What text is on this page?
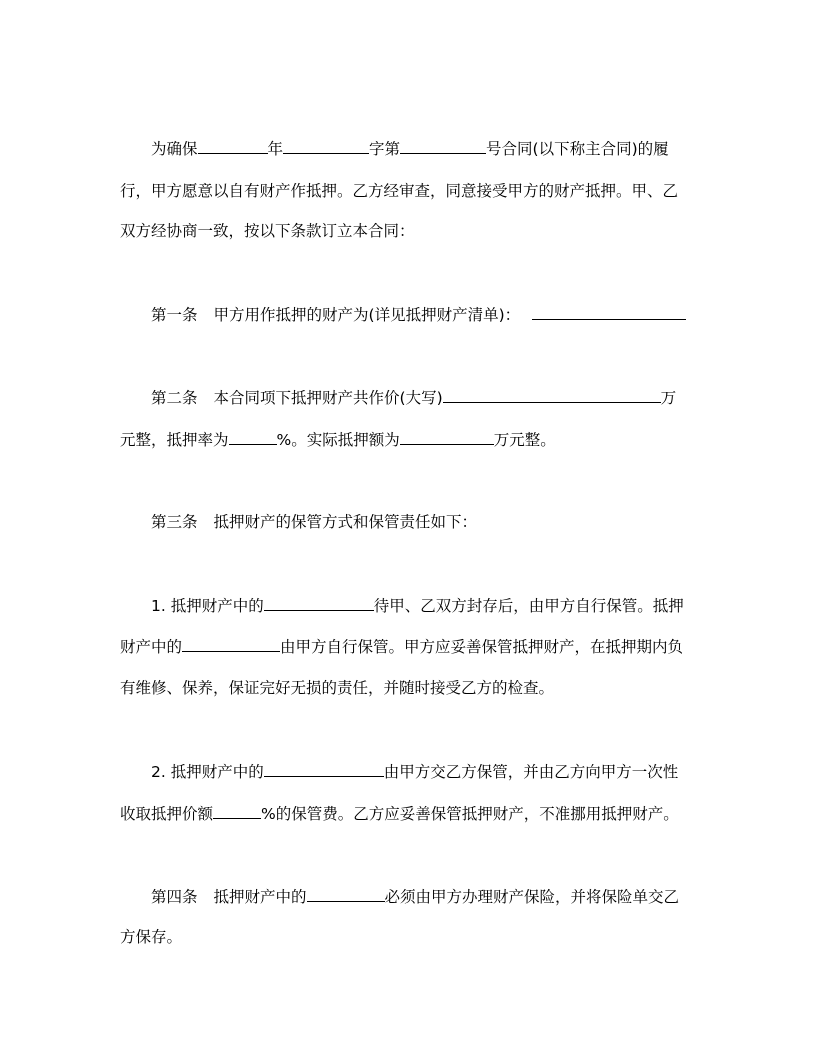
为确保	年	字第	号合同(以下称主合同)的履
行，甲方愿意以自有财产作抵押。乙方经审查，同意接受甲方的财产抵押。甲、乙
双方经协商一致，按以下条款订立本合同：
第一条 甲方用作抵押的财产为(详见抵押财产清单)：
第二条 本合同项下抵押财产共作价(大写)	万
元整，抵押率为	%。实际抵押额为	万元整。
第三条 抵押财产的保管方式和保管责任如下：
1. 抵押财产中的	待甲、乙双方封存后，由甲方自行保管。抵押
财产中的	由甲方自行保管。甲方应妥善保管抵押财产，在抵押期内负
有维修、保养，保证完好无损的责任，并随时接受乙方的检查。
2. 抵押财产中的	由甲方交乙方保管，并由乙方向甲方一次性
收取抵押价额	%的保管费。乙方应妥善保管抵押财产，不准挪用抵押财产。
第四条 抵押财产中的	必须由甲方办理财产保险，并将保险单交乙
方保存。
